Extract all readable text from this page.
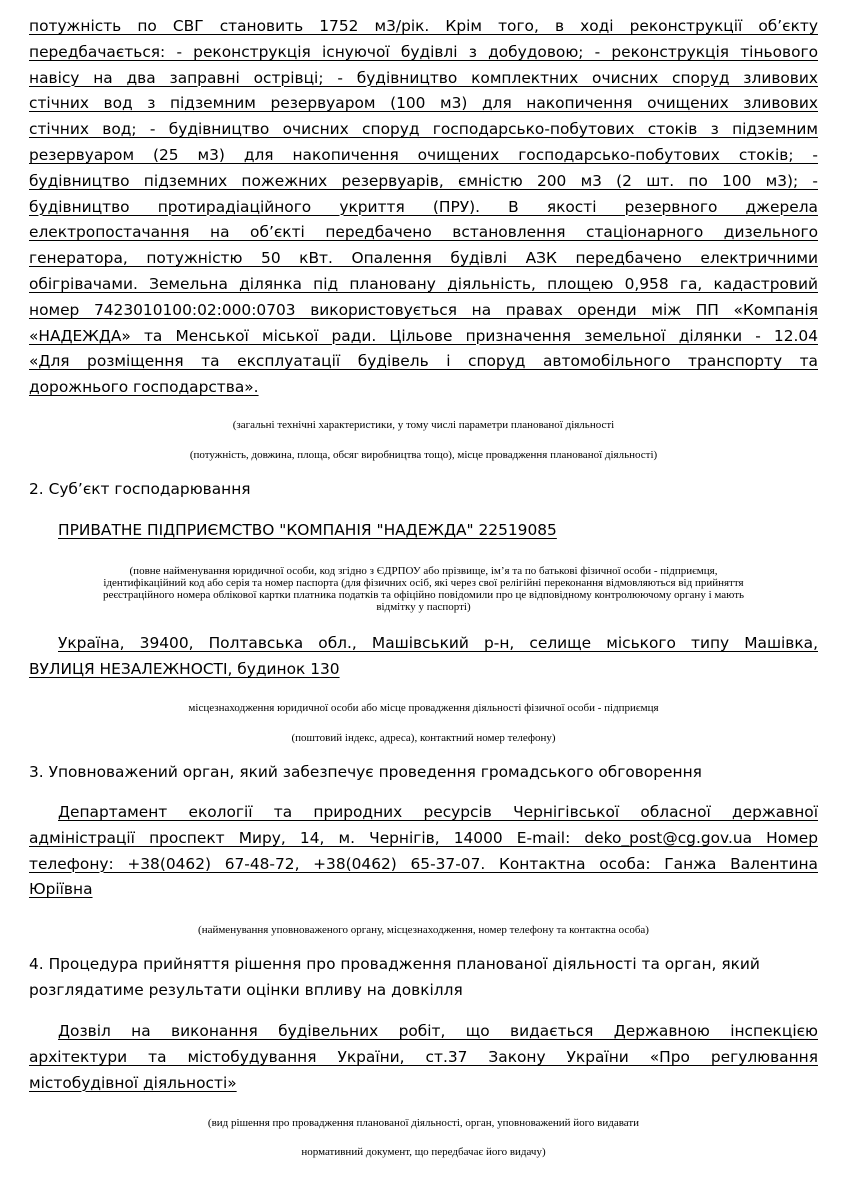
потужність по СВГ становить 1752 м3/рік. Крім того, в ході реконструкції об’єкту
передбачається: - реконструкція існуючої будівлі з добудовою; - реконструкція тіньового
навісу на два заправні острівці; - будівництво комплектних очисних споруд зливових
стічних вод з підземним резервуаром (100 м3) для накопичення очищених зливових
стічних вод; - будівництво очисних споруд господарсько-побутових стоків з підземним
резервуаром (25 м3) для накопичення очищених господарсько-побутових стоків; -
будівництво підземних пожежних резервуарів, ємністю 200 м3 (2 шт. по 100 м3); -
будівництво протирадіаційного укриття (ПРУ). В якості резервного джерела
електропостачання на об’єкті передбачено встановлення стаціонарного дизельного
генератора, потужністю 50 кВт. Опалення будівлі АЗК передбачено електричними
обігрівачами. Земельна ділянка під плановану діяльність, площею 0,958 га, кадастровий
номер 7423010100:02:000:0703 використовується на правах оренди між ПП «Компанія
«НАДЕЖДА» та Менської міської ради. Цільове призначення земельної ділянки - 12.04
«Для розміщення та експлуатації будівель і споруд автомобільного транспорту та
дорожнього господарства».
(загальні технічні характеристики, у тому числі параметри планованої діяльності
(потужність, довжина, площа, обсяг виробництва тощо), місце провадження планованої діяльності)
2. Суб’єкт господарювання
ПРИВАТНЕ ПІДПРИЄМСТВО "КОМПАНІЯ "НАДЕЖДА" 22519085
(повне найменування юридичної особи, код згідно з ЄДРПОУ або прізвище, ім’я та по батькові фізичної особи - підприємця,
ідентифікаційний код або серія та номер паспорта (для фізичних осіб, які через свої релігійні переконання відмовляються від прийняття
реєстраційного номера облікової картки платника податків та офіційно повідомили про це відповідному контролюючому органу і мають
відмітку у паспорті)
Україна, 39400, Полтавська обл., Машівський р-н, селище міського типу Машівка,
ВУЛИЦЯ НЕЗАЛЕЖНОСТІ, будинок 130
місцезнаходження юридичної особи або місце провадження діяльності фізичної особи - підприємця
(поштовий індекс, адреса), контактний номер телефону)
3. Уповноважений орган, який забезпечує проведення громадського обговорення
Департамент екології та природних ресурсів Чернігівської обласної державної
адміністрації проспект Миру, 14, м. Чернігів, 14000 E-mail: deko_post@cg.gov.ua Номер
телефону: +38(0462) 67-48-72, +38(0462) 65-37-07. Контактна особа: Ганжа Валентина
Юріївна
(найменування уповноваженого органу, місцезнаходження, номер телефону та контактна особа)
4. Процедура прийняття рішення про провадження планованої діяльності та орган, який
розглядатиме результати оцінки впливу на довкілля
Дозвіл на виконання будівельних робіт, що видається Державною інспекцією
архітектури та містобудування України, ст.37 Закону України «Про регулювання
містобудівної діяльності»
(вид рішення про провадження планованої діяльності, орган, уповноважений його видавати
нормативний документ, що передбачає його видачу)
